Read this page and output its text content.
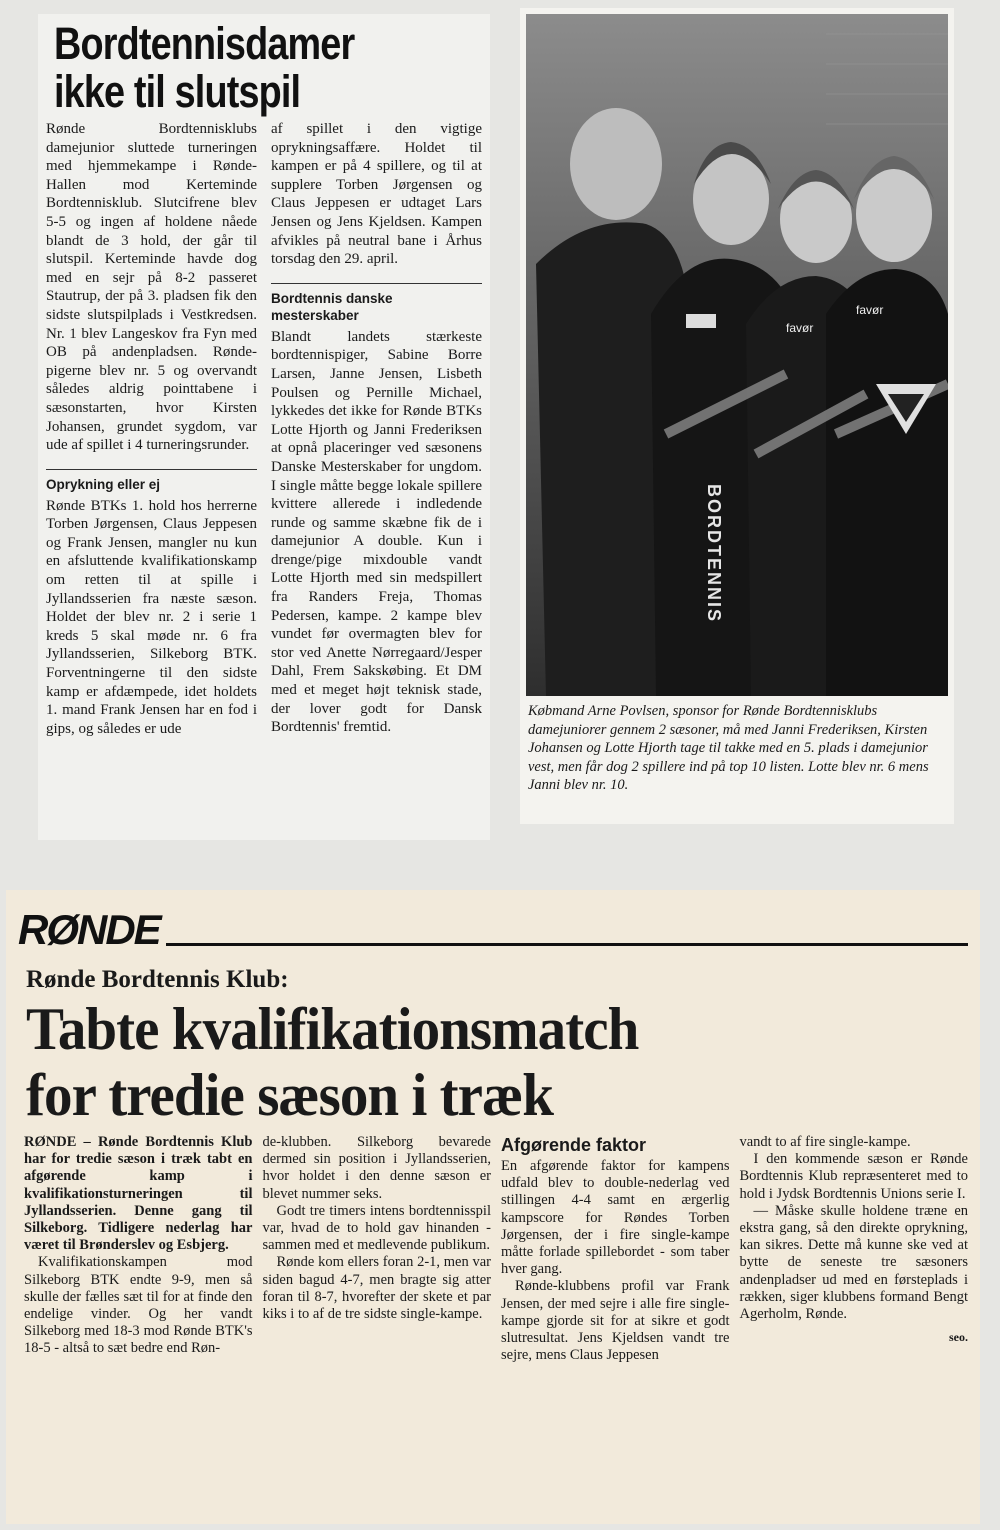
Bordtennisdamer
ikke til slutspil

Rønde Bordtennisklubs damejunior sluttede turneringen med hjemmekampe i Rønde-Hallen mod Kerteminde Bordtennisklub. Slutcifrene blev 5-5 og ingen af holdene nåede blandt de 3 hold, der går til slutspil. Kerteminde havde dog med en sejr på 8-2 passeret Stautrup, der på 3. pladsen fik den sidste slutspilplads i Vestkredsen. Nr. 1 blev Langeskov fra Fyn med OB på andenpladsen. Rønde-pigerne blev nr. 5 og overvandt således aldrig pointtabene i sæsonstarten, hvor Kirsten Johansen, grundet sygdom, var ude af spillet i 4 turneringsrunder.

Oprykning eller ej

Rønde BTKs 1. hold hos herrerne Torben Jørgensen, Claus Jeppesen og Frank Jensen, mangler nu kun en afsluttende kvalifikationskamp om retten til at spille i Jyllandsserien fra næste sæson. Holdet der blev nr. 2 i serie 1 kreds 5 skal møde nr. 6 fra Jyllandsserien, Silkeborg BTK. Forventningerne til den sidste kamp er afdæmpede, idet holdets 1. mand Frank Jensen har en fod i gips, og således er ude

af spillet i den vigtige oprykningsaffære. Holdet til kampen er på 4 spillere, og til at supplere Torben Jørgensen og Claus Jeppesen er udtaget Lars Jensen og Jens Kjeldsen. Kampen afvikles på neutral bane i Århus torsdag den 29. april.

Bordtennis danske
mesterskaber

Blandt landets stærkeste bordtennispiger, Sabine Borre Larsen, Janne Jensen, Lisbeth Poulsen og Pernille Michael, lykkedes det ikke for Rønde BTKs Lotte Hjorth og Janni Frederiksen at opnå placeringer ved sæsonens Danske Mesterskaber for ungdom. I single måtte begge lokale spillere kvittere allerede i indledende runde og samme skæbne fik de i damejunior A double. Kun i drenge/pige mixdouble vandt Lotte Hjorth med sin medspillert fra Randers Freja, Thomas Pedersen, kampe. 2 kampe blev vundet før overmagten blev for stor ved Anette Nørregaard/Jesper Dahl, Frem Sakskøbing. Et DM med et meget højt teknisk stade, der lover godt for Dansk Bordtennis' fremtid.

BORDTENNIS
favør
favør
Købmand Arne Povlsen, sponsor for Rønde Bordtennisklubs damejuniorer gennem 2 sæsoner, må med Janni Frederiksen, Kirsten Johansen og Lotte Hjorth tage til takke med en 5. plads i damejunior vest, men får dog 2 spillere ind på top 10 listen. Lotte blev nr. 6 mens Janni blev nr. 10.
RØNDE
Rønde Bordtennis Klub:
Tabte kvalifikationsmatch
for tredie sæson i træk

RØNDE – Rønde Bordtennis Klub har for tredie sæson i træk tabt en afgørende kamp i kvalifikationsturneringen til Jyllandsserien. Denne gang til Silkeborg. Tidligere nederlag har været til Brønderslev og Esbjerg.

Kvalifikationskampen mod Silkeborg BTK endte 9-9, men så skulle der fælles sæt til for at finde den endelige vinder. Og her vandt Silkeborg med 18-3 mod Rønde BTK's 18-5 - altså to sæt bedre end Røn-

de-klubben. Silkeborg bevarede dermed sin position i Jyllandsserien, hvor holdet i den denne sæson er blevet nummer seks.

Godt tre timers intens bordtennisspil var, hvad de to hold gav hinanden - sammen med et medlevende publikum.

Rønde kom ellers foran 2-1, men var siden bagud 4-7, men bragte sig atter foran til 8-7, hvorefter der skete et par kiks i to af de tre sidste single-kampe.

Afgørende faktor

En afgørende faktor for kampens udfald blev to double-nederlag ved stillingen 4-4 samt en ærgerlig kampscore for Røndes Torben Jørgensen, der i fire single-kampe måtte forlade spillebordet - som taber hver gang.

Rønde-klubbens profil var Frank Jensen, der med sejre i alle fire single-kampe gjorde sit for at sikre et godt slutresultat. Jens Kjeldsen vandt tre sejre, mens Claus Jeppesen

vandt to af fire single-kampe.

I den kommende sæson er Rønde Bordtennis Klub repræsenteret med to hold i Jydsk Bordtennis Unions serie I.

— Måske skulle holdene træne en ekstra gang, så den direkte oprykning, kan sikres. Dette må kunne ske ved at bytte de seneste tre sæsoners andenpladser ud med en førsteplads i rækken, siger klubbens formand Bengt Agerholm, Rønde.

seo.
